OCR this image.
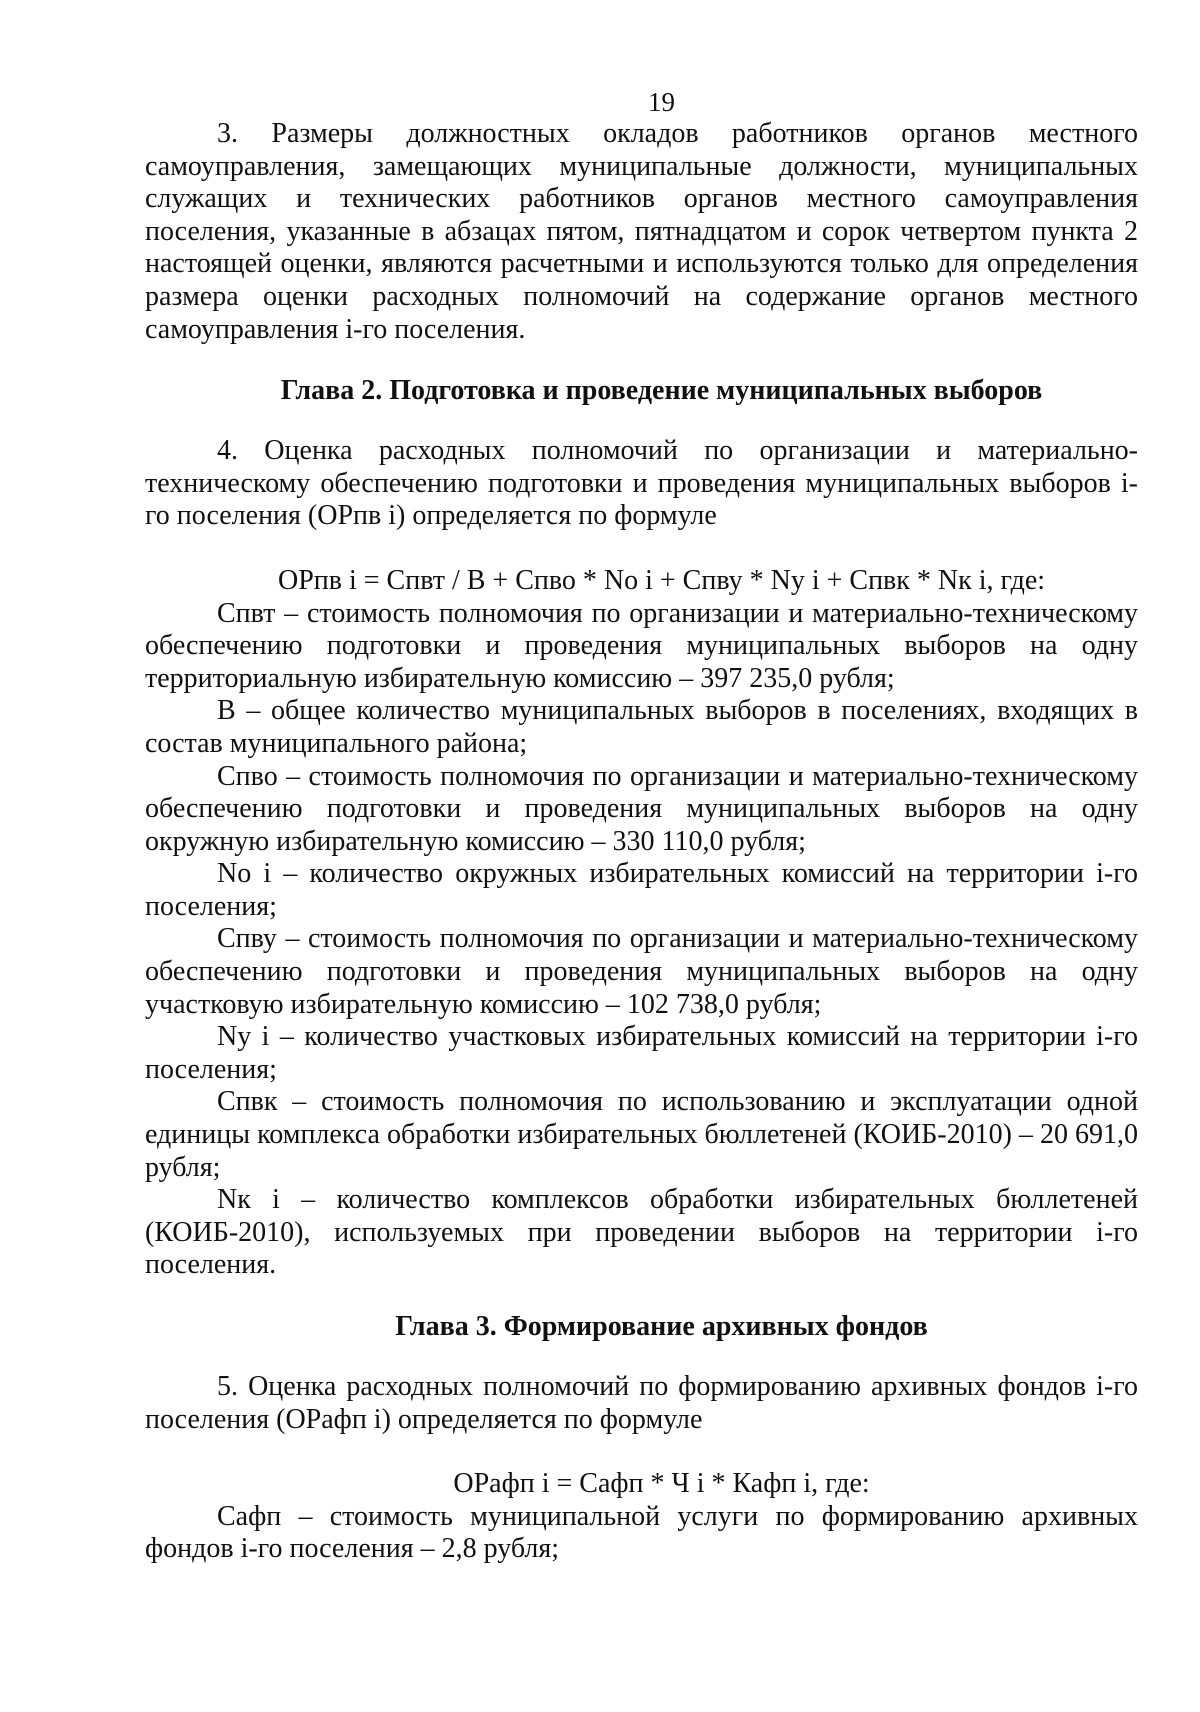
19

3. Размеры должностных окладов работников органов местного самоуправления, замещающих муниципальные должности, муниципальных служащих и технических работников органов местного самоуправления поселения, указанные в абзацах пятом, пятнадцатом и сорок четвертом пункта 2 настоящей оценки, являются расчетными и используются только для определения размера оценки расходных полномочий на содержание органов местного самоуправления i-го поселения.

Глава 2. Подготовка и проведение муниципальных выборов

4. Оценка расходных полномочий по организации и материально-техническому обеспечению подготовки и проведения муниципальных выборов i-го поселения (ОРпв i) определяется по формуле

ОРпв i = Спвт / B + Спво * No i + Спву * Ny i + Спвк * Nк i, где:

Спвт – стоимость полномочия по организации и материально-техническому обеспечению подготовки и проведения муниципальных выборов на одну территориальную избирательную комиссию – 397 235,0 рубля;

B – общее количество муниципальных выборов в поселениях, входящих в состав муниципального района;

Спво – стоимость полномочия по организации и материально-техническому обеспечению подготовки и проведения муниципальных выборов на одну окружную избирательную комиссию – 330 110,0 рубля;

No i – количество окружных избирательных комиссий на территории i-го поселения;

Спву – стоимость полномочия по организации и материально-техническому обеспечению подготовки и проведения муниципальных выборов на одну участковую избирательную комиссию – 102 738,0 рубля;

Ny i – количество участковых избирательных комиссий на территории i-го поселения;

Спвк – стоимость полномочия по использованию и эксплуатации одной единицы комплекса обработки избирательных бюллетеней (КОИБ-2010) – 20 691,0 рубля;

Nк i – количество комплексов обработки избирательных бюллетеней (КОИБ-2010), используемых при проведении выборов на территории i-го поселения.

Глава 3. Формирование архивных фондов

5. Оценка расходных полномочий по формированию архивных фондов i-го поселения (ОРафп i) определяется по формуле

ОРафп i = Сафп * Ч i * Кафп i, где:

Сафп – стоимость муниципальной услуги по формированию архивных фондов i-го поселения – 2,8 рубля;
